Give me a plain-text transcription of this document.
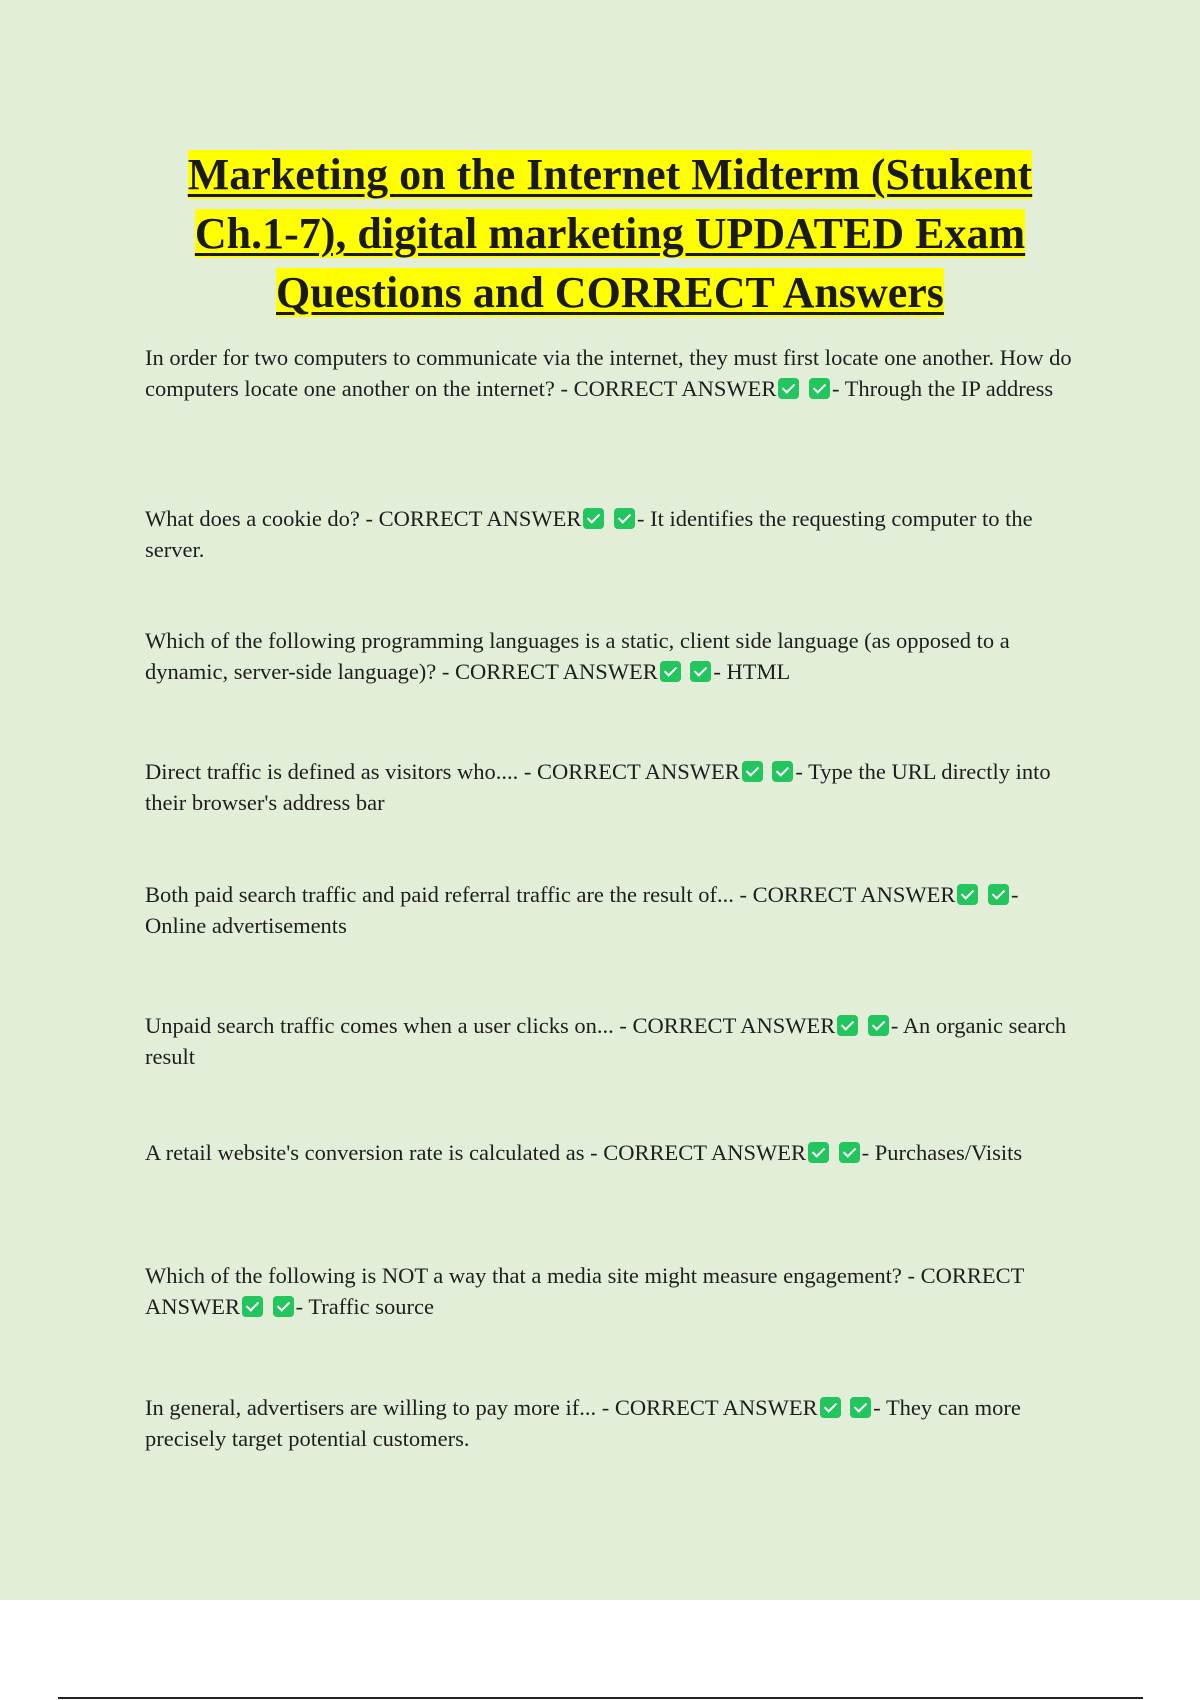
Marketing on the Internet Midterm (Stukent Ch.1-7), digital marketing UPDATED Exam Questions and CORRECT Answers
In order for two computers to communicate via the internet, they must first locate one another. How do computers locate one another on the internet? - CORRECT ANSWER - Through the IP address
What does a cookie do? - CORRECT ANSWER - It identifies the requesting computer to the server.
Which of the following programming languages is a static, client side language (as opposed to a dynamic, server-side language)? - CORRECT ANSWER - HTML
Direct traffic is defined as visitors who.... - CORRECT ANSWER - Type the URL directly into their browser's address bar
Both paid search traffic and paid referral traffic are the result of... - CORRECT ANSWER - Online advertisements
Unpaid search traffic comes when a user clicks on... - CORRECT ANSWER - An organic search result
A retail website's conversion rate is calculated as - CORRECT ANSWER - Purchases/Visits
Which of the following is NOT a way that a media site might measure engagement? - CORRECT ANSWER - Traffic source
In general, advertisers are willing to pay more if... - CORRECT ANSWER - They can more precisely target potential customers.
